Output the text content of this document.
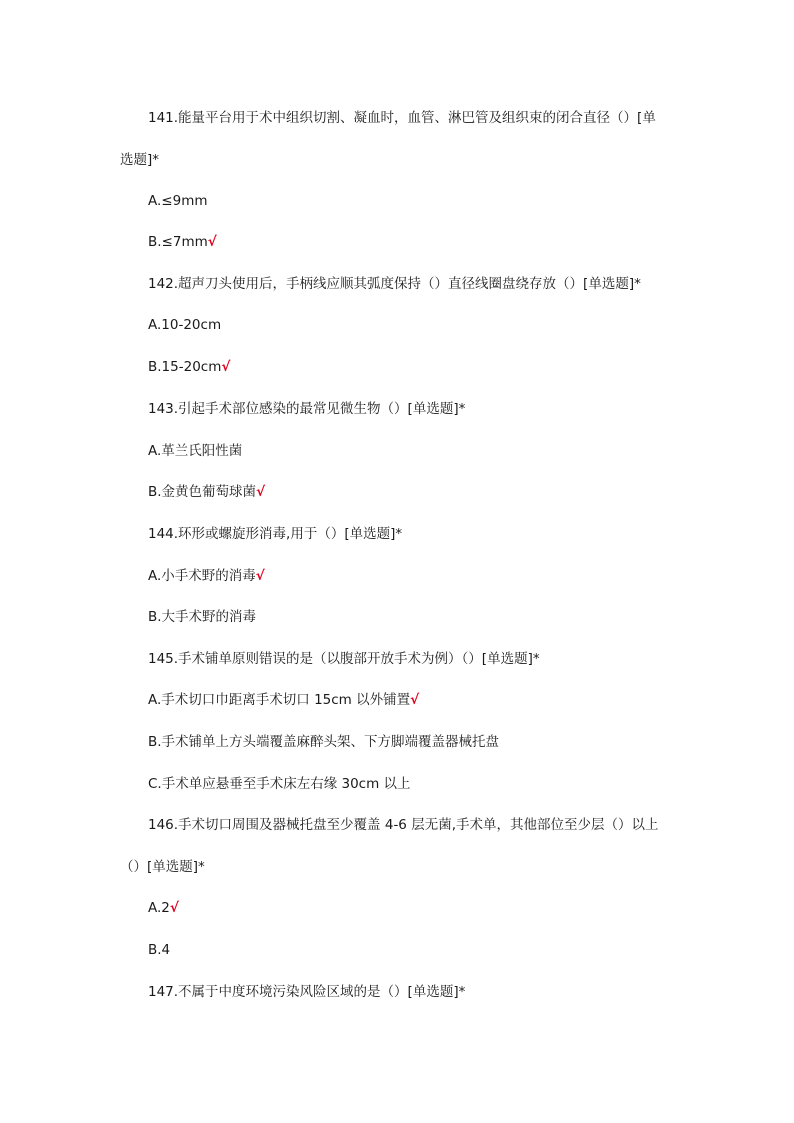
141.能量平台用于术中组织切割、凝血时，血管、淋巴管及组织束的闭合直径（）[单
选题]*
A.≤9mm
B.≤7mm√
142.超声刀头使用后，手柄线应顺其弧度保持（）直径线圈盘绕存放（）[单选题]*
A.10-20cm
B.15-20cm√
143.引起手术部位感染的最常见微生物（）[单选题]*
A.革兰氏阳性菌
B.金黄色葡萄球菌√
144.环形或螺旋形消毒,用于（）[单选题]*
A.小手术野的消毒√
B.大手术野的消毒
145.手术铺单原则错误的是（以腹部开放手术为例）（）[单选题]*
A.手术切口巾距离手术切口 15cm 以外铺置√
B.手术铺单上方头端覆盖麻醉头架、下方脚端覆盖器械托盘
C.手术单应悬垂至手术床左右缘 30cm 以上
146.手术切口周围及器械托盘至少覆盖 4-6 层无菌,手术单，其他部位至少层（）以上
（）[单选题]*
A.2√
B.4
147.不属于中度环境污染风险区域的是（）[单选题]*
